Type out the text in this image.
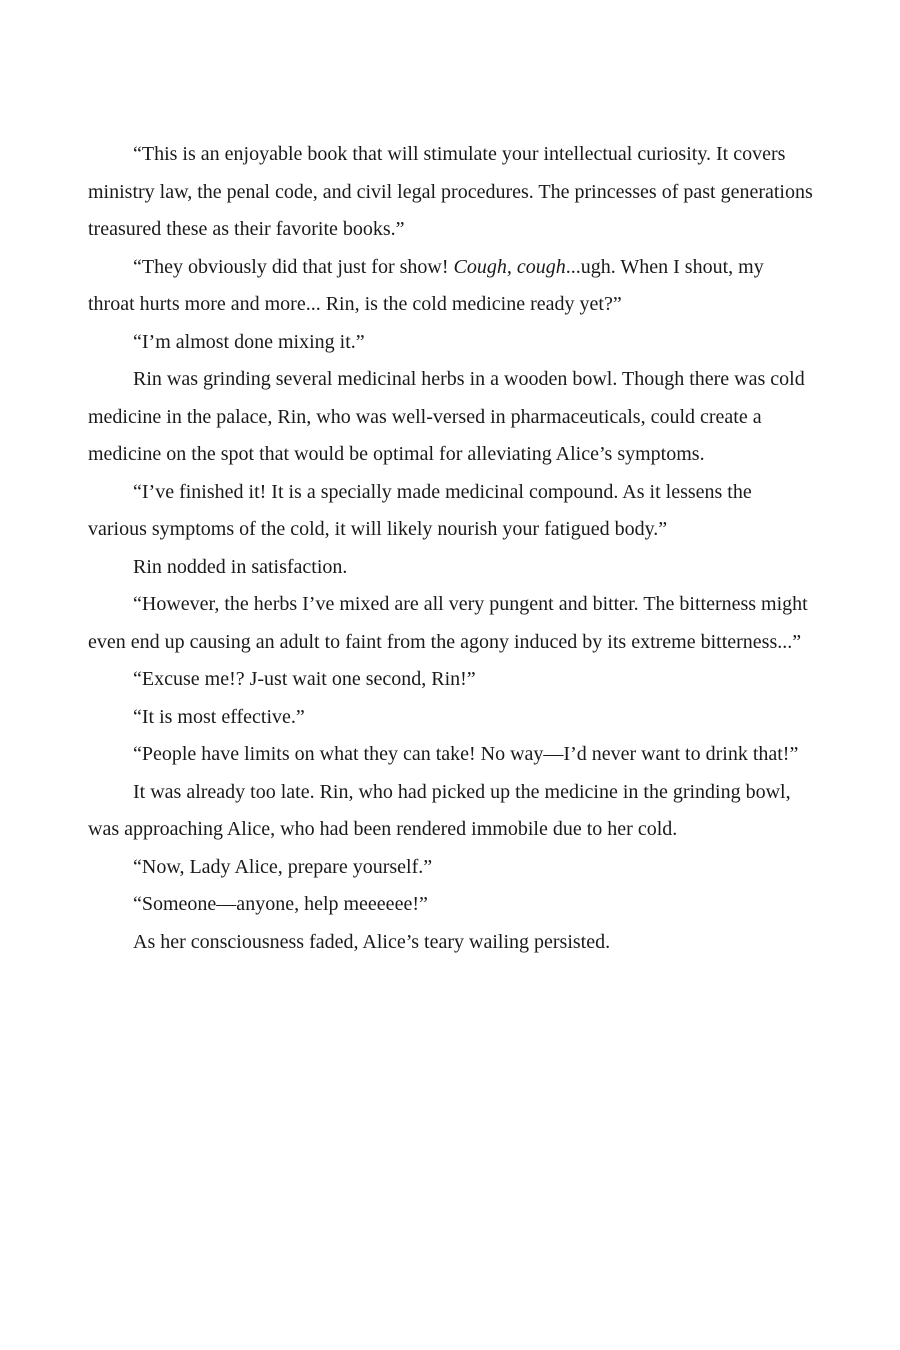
“This is an enjoyable book that will stimulate your intellectual curiosity. It covers ministry law, the penal code, and civil legal procedures. The princesses of past generations treasured these as their favorite books.”

“They obviously did that just for show! Cough, cough...ugh. When I shout, my throat hurts more and more... Rin, is the cold medicine ready yet?”

“I’m almost done mixing it.”

Rin was grinding several medicinal herbs in a wooden bowl. Though there was cold medicine in the palace, Rin, who was well-versed in pharmaceuticals, could create a medicine on the spot that would be optimal for alleviating Alice’s symptoms.

“I’ve finished it! It is a specially made medicinal compound. As it lessens the various symptoms of the cold, it will likely nourish your fatigued body.”

Rin nodded in satisfaction.

“However, the herbs I’ve mixed are all very pungent and bitter. The bitterness might even end up causing an adult to faint from the agony induced by its extreme bitterness...”

“Excuse me!? J-ust wait one second, Rin!”

“It is most effective.”

“People have limits on what they can take! No way—I’d never want to drink that!”

It was already too late. Rin, who had picked up the medicine in the grinding bowl, was approaching Alice, who had been rendered immobile due to her cold.

“Now, Lady Alice, prepare yourself.”

“Someone—anyone, help meeeeee!”

As her consciousness faded, Alice’s teary wailing persisted.
